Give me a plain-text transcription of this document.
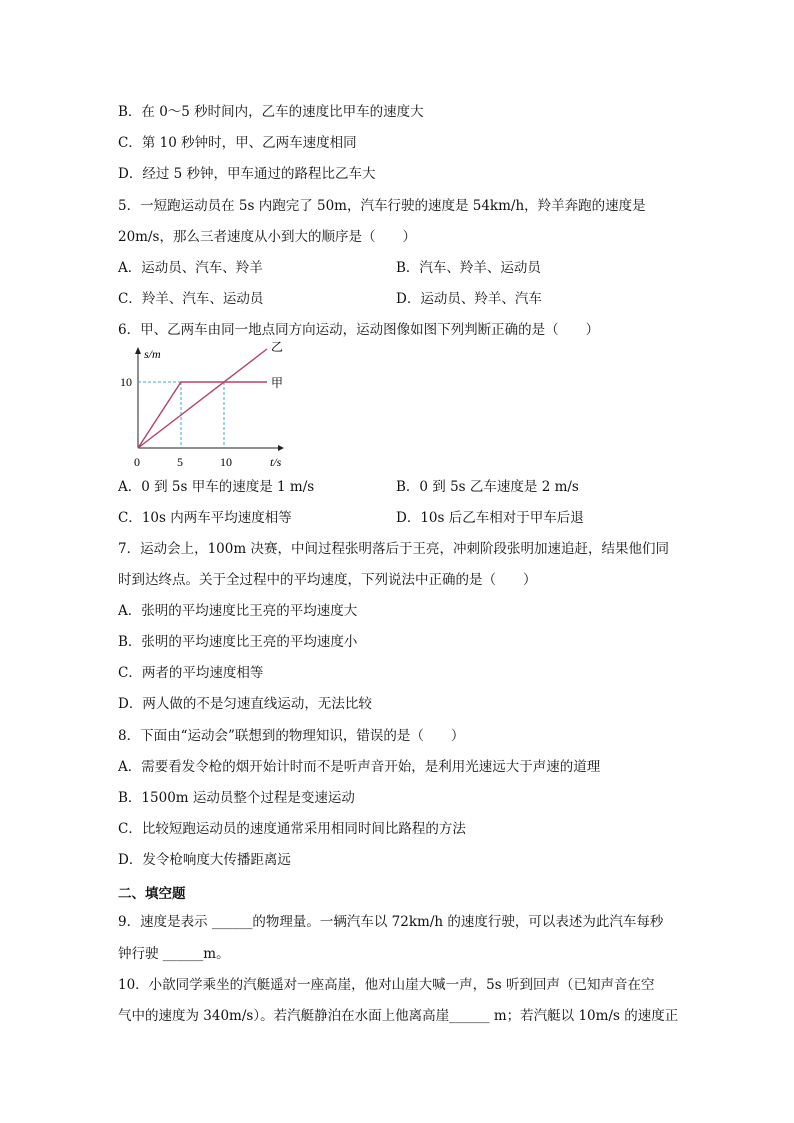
B．在 0～5 秒时间内，乙车的速度比甲车的速度大
C．第 10 秒钟时，甲、乙两车速度相同
D．经过 5 秒钟，甲车通过的路程比乙车大
5．一短跑运动员在 5s 内跑完了 50m，汽车行驶的速度是 54km/h，羚羊奔跑的速度是
20m/s，那么三者速度从小到大的顺序是（　　）
A．运动员、汽车、羚羊	B．汽车、羚羊、运动员
C．羚羊、汽车、运动员	D．运动员、羚羊、汽车
6．甲、乙两车由同一地点同方向运动，运动图像如图下列判断正确的是（　　）
s/m
t/s
0	5	10
10	甲
乙
A．0 到 5s 甲车的速度是 1 m/s	B．0 到 5s 乙车速度是 2 m/s
C．10s 内两车平均速度相等	D．10s 后乙车相对于甲车后退
7．运动会上，100m 决赛，中间过程张明落后于王亮，冲刺阶段张明加速追赶，结果他们同
时到达终点。关于全过程中的平均速度，下列说法中正确的是（　　）
A．张明的平均速度比王亮的平均速度大
B．张明的平均速度比王亮的平均速度小
C．两者的平均速度相等
D．两人做的不是匀速直线运动，无法比较
8．下面由“运动会”联想到的物理知识，错误的是（　　）
A．需要看发令枪的烟开始计时而不是听声音开始，是利用光速远大于声速的道理
B．1500m 运动员整个过程是变速运动
C．比较短跑运动员的速度通常采用相同时间比路程的方法
D．发令枪响度大传播距离远
二、填空题
9．速度是表示 ______的物理量。一辆汽车以 72km/h 的速度行驶，可以表述为此汽车每秒
钟行驶 ______m。
10．小歆同学乘坐的汽艇遥对一座高崖，他对山崖大喊一声，5s 听到回声（已知声音在空
气中的速度为 340m/s）。若汽艇静泊在水面上他离高崖______ m；若汽艇以 10m/s 的速度正
